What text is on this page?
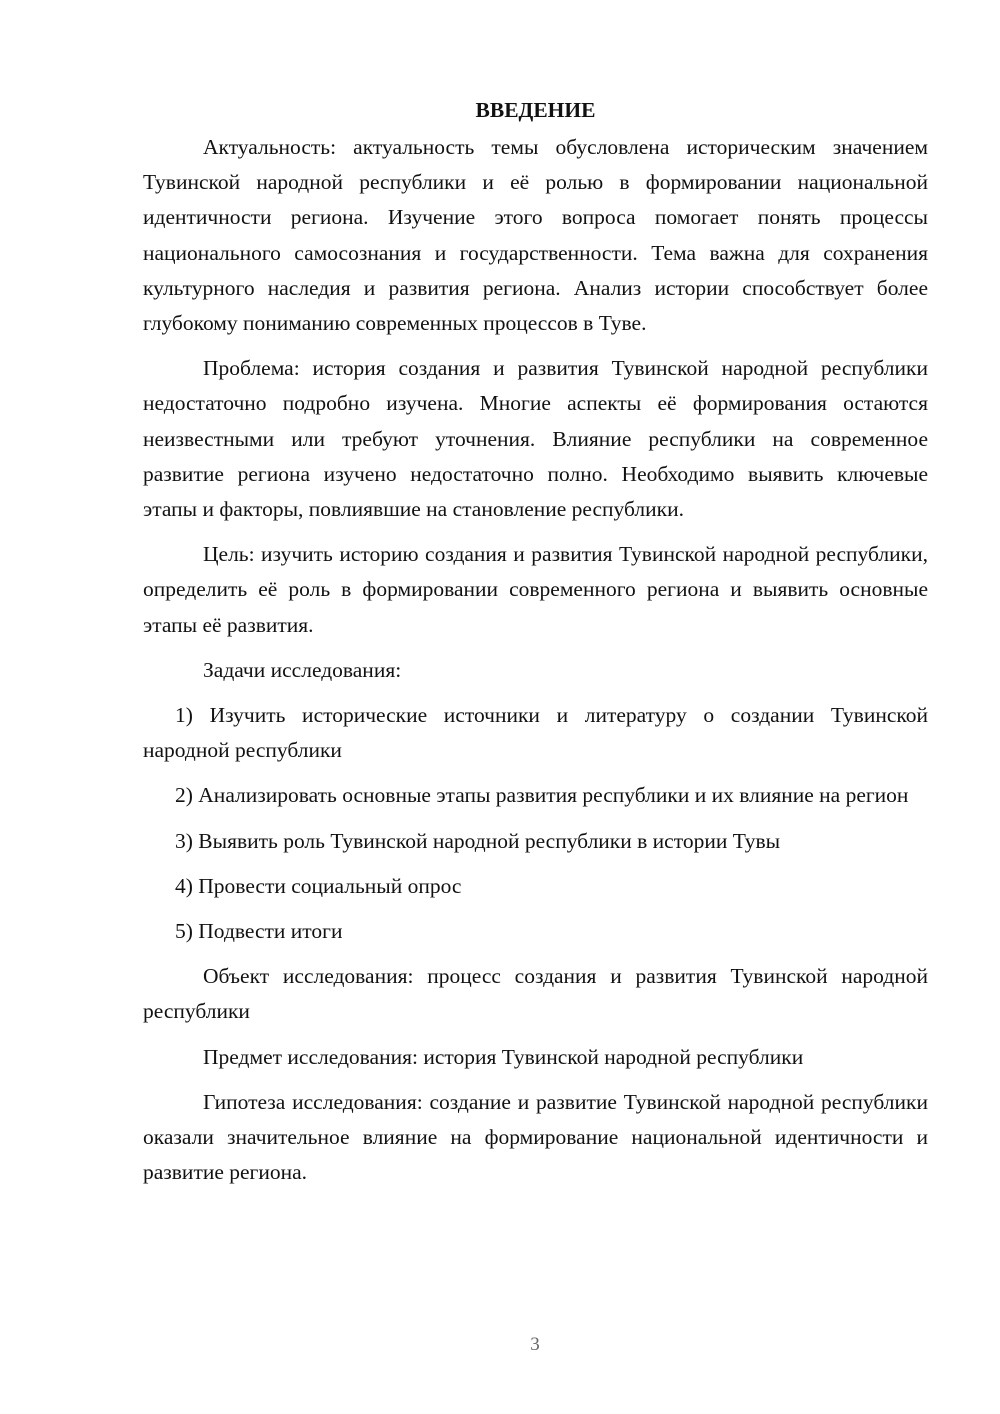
ВВЕДЕНИЕ

Актуальность: актуальность темы обусловлена историческим значением Тувинской народной республики и её ролью в формировании национальной идентичности региона. Изучение этого вопроса помогает понять процессы национального самосознания и государственности. Тема важна для сохранения культурного наследия и развития региона. Анализ истории способствует более глубокому пониманию современных процессов в Туве.

Проблема: история создания и развития Тувинской народной республики недостаточно подробно изучена. Многие аспекты её формирования остаются неизвестными или требуют уточнения. Влияние республики на современное развитие региона изучено недостаточно полно. Необходимо выявить ключевые этапы и факторы, повлиявшие на становление республики.

Цель: изучить историю создания и развития Тувинской народной республики, определить её роль в формировании современного региона и выявить основные этапы её развития.

Задачи исследования:

1) Изучить исторические источники и литературу о создании Тувинской народной республики

2) Анализировать основные этапы развития республики и их влияние на регион

3) Выявить роль Тувинской народной республики в истории Тувы

4) Провести социальный опрос

5) Подвести итоги

Объект исследования: процесс создания и развития Тувинской народной республики

Предмет исследования: история Тувинской народной республики

Гипотеза исследования: создание и развитие Тувинской народной республики оказали значительное влияние на формирование национальной идентичности и развитие региона.

3
